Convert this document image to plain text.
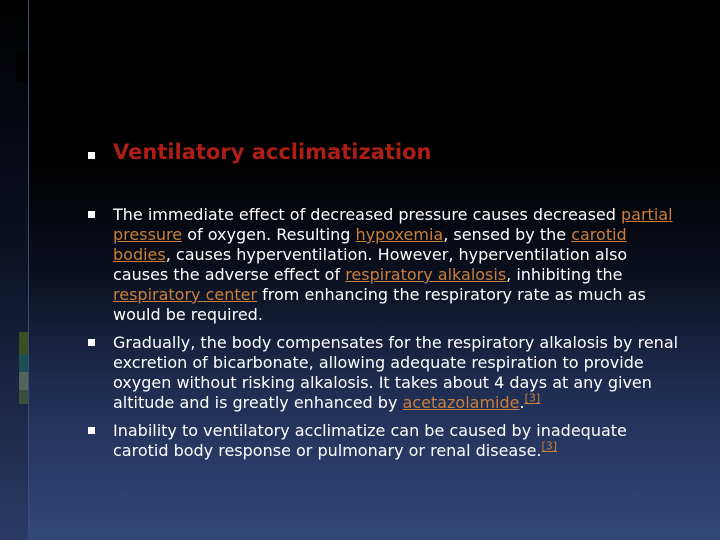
Ventilatory acclimatization
The immediate effect of decreased pressure causes decreased partial pressure of oxygen. Resulting hypoxemia, sensed by the carotid bodies, causes hyperventilation. However, hyperventilation also causes the adverse effect of respiratory alkalosis, inhibiting the respiratory center from enhancing the respiratory rate as much as would be required.
Gradually, the body compensates for the respiratory alkalosis by renal excretion of bicarbonate, allowing adequate respiration to provide oxygen without risking alkalosis. It takes about 4 days at any given altitude and is greatly enhanced by acetazolamide.[3]
Inability to ventilatory acclimatize can be caused by inadequate carotid body response or pulmonary or renal disease.[3]
